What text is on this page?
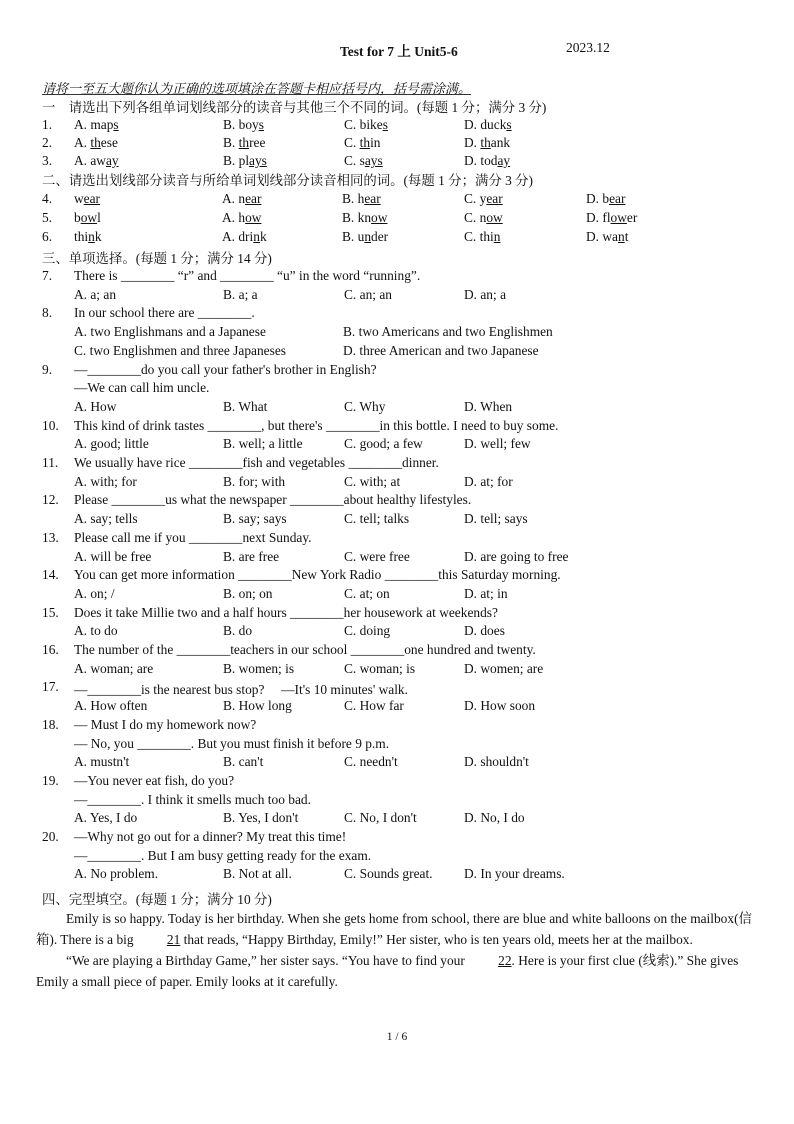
Test for 7 上 Unit5-6	2023.12
请将一至五大题你认为正确的选项填涂在答题卡相应括号内，括号需涂满。
一　请选出下列各组单词划线部分的读音与其他三个不同的词。(每题 1 分；满分 3 分)
1. A. maps	B. boys	C. bikes	D. ducks
2. A. these	B. three	C. thin	D. thank
3. A. away	B. plays	C. says	D. today
二、请选出划线部分读音与所给单词划线部分读音相同的词。(每题 1 分；满分 3 分)
4. wear	A. near	B. hear	C. year	D. bear
5. bowl	A. how	B. know	C. now	D. flower
6. think	A. drink	B. under	C. thin	D. want
三、单项选择。(每题 1 分；满分 14 分)
7. There is ________ “r” and ________ “u” in the word “running”.
A. a; an	B. a; a	C. an; an	D. an; a
8. In our school there are ________.
A. two Englishmans and a Japanese	B. two Americans and two Englishmen
C. two Englishmen and three Japaneses	D. three American and two Japanese
9. —________do you call your father's brother in English?
—We can call him uncle.
A. How	B. What	C. Why	D. When
10. This kind of drink tastes ________, but there's ________in this bottle. I need to buy some.
A. good; little	B. well; a little	C. good; a few	D. well; few
11. We usually have rice ________fish and vegetables ________dinner.
A. with; for	B. for; with	C. with; at	D. at; for
12. Please ________us what the newspaper ________about healthy lifestyles.
A. say; tells	B. say; says	C. tell; talks	D. tell; says
13. Please call me if you ________next Sunday.
A. will be free	B. are free	C. were free	D. are going to free
14. You can get more information ________New York Radio ________this Saturday morning.
A. on; /	B. on; on	C. at; on	D. at; in
15. Does it take Millie two and a half hours ________her housework at weekends?
A. to do	B. do	C. doing	D. does
16. The number of the ________teachers in our school ________one hundred and twenty.
A. woman; are	B. women; is	C. woman; is	D. women; are
17. —________is the nearest bus stop?　 —It's 10 minutes' walk.
A. How often	B. How long	C. How far	D. How soon
18. — Must I do my homework now?
— No, you ________. But you must finish it before 9 p.m.
A. mustn't	B. can't	C. needn't	D. shouldn't
19. —You never eat fish, do you?
—________. I think it smells much too bad.
A. Yes, I do	B. Yes, I don't	C. No, I don't	D. No, I do
20. —Why not go out for a dinner? My treat this time!
—________. But I am busy getting ready for the exam.
A. No problem.	B. Not at all.	C. Sounds great. D. In your dreams.
四、完型填空。(每题 1 分；满分 10 分)

Emily is so happy. Today is her birthday. When she gets home from school, there are blue and white balloons on the mailbox(信箱). There is a big 21 that reads, “Happy Birthday, Emily!” Her sister, who is ten years old, meets her at the mailbox.

“We are playing a Birthday Game,” her sister says. “You have to find your 22. Here is your first clue (线索).” She gives Emily a small piece of paper. Emily looks at it carefully.

1 / 6
